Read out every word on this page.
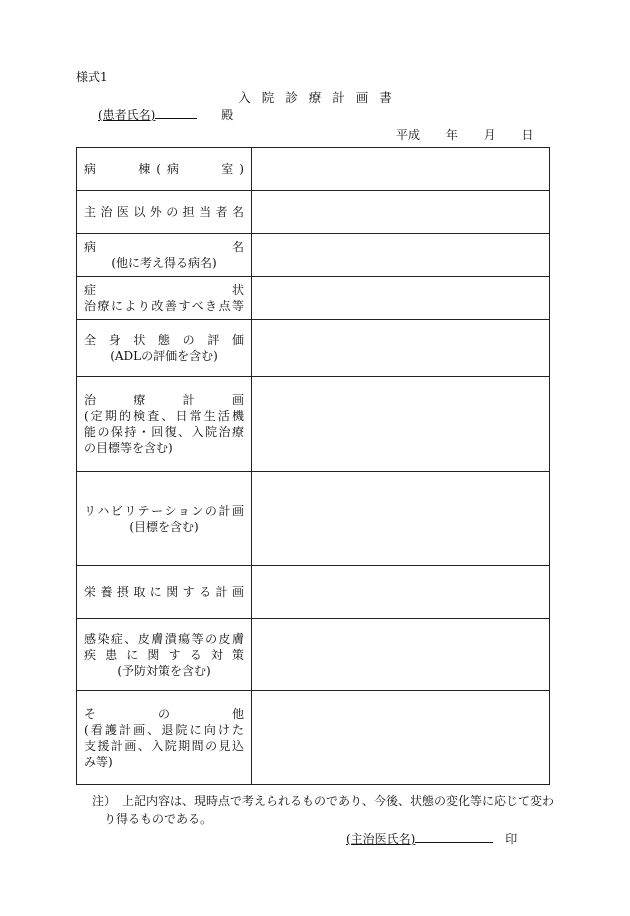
様式1
入院診療計画書
(患者氏名)	殿
平成 年 月 日
病　　棟(病　　室)	

主治医以外の担当者名	

病　　　　名
(他に考え得る病名)	

症　　　　状
治療により改善すべき点等	

全身状態の評価
(ADLの評価を含む)	

治　療　計　画
(定期的検査、日常生活機
能の保持・回復、入院治療
の目標等を含む)	

リハビリテーションの計画
(目標を含む)	

栄養摂取に関する計画	

感染症、皮膚潰瘍等の皮膚
疾患に関する対策
(予防対策を含む)	

そ　の　他
(看護計画、退院に向けた
支援計画、入院期間の見込
み等)	

注）　上記内容は、現時点で考えられるものであり、今後、状態の変化等に応じて変わ
り得るものである。
(主治医氏名)	印
